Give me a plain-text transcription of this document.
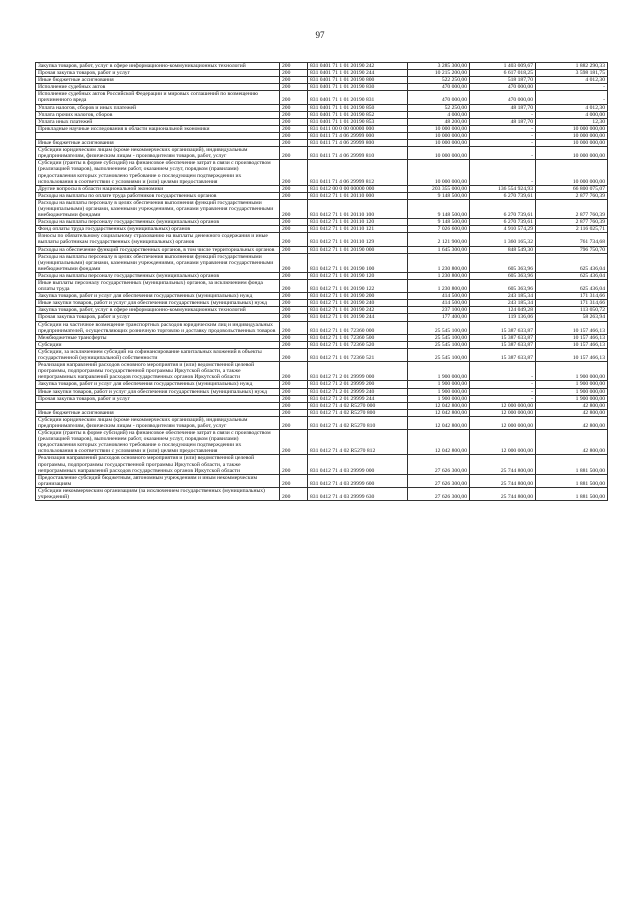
97
Закупка товаров, работ, услуг в сфере информационно-коммуникационных технологий	200	831 0401 71 1 01 20190 242	3 285 300,00	1 403 009,67	1 882 290,33
Прочая закупка товаров, работ и услуг	200	831 0401 71 1 01 20190 244	10 215 200,00	6 617 018,25	3 598 181,75
Иные бюджетные ассигнования	200	831 0401 71 1 01 20190 800	522 250,00	518 187,70	4 012,30
Исполнение судебных актов	200	831 0401 71 1 01 20190 830	470 000,00	470 000,00	-
Исполнение судебных актов Российской Федерации и мировых соглашений по возмещению причиненного вреда	200	831 0401 71 1 01 20190 831	470 000,00	470 000,00	-
Уплата налогов, сборов и иных платежей	200	831 0401 71 1 01 20190 850	52 250,00	48 187,70	4 012,30
Уплата прочих налогов, сборов	200	831 0401 71 1 01 20190 852	4 000,00	-	4 000,00
Уплата иных платежей	200	831 0401 71 1 01 20190 853	48 200,00	48 187,70	12,30
Прикладные научные исследования в области национальной экономики	200	831 0411 00 0 00 00000 000	10 000 000,00	-	10 000 000,00
	200	831 0411 71 4 06 29999 000	10 000 000,00	-	10 000 000,00
Иные бюджетные ассигнования	200	831 0411 71 4 06 29999 800	10 000 000,00	-	10 000 000,00
Субсидии юридическим лицам (кроме некоммерческих организаций), индивидуальным предпринимателям, физическим лицам - производителям товаров, работ, услуг	200	831 0411 71 4 06 29999 810	10 000 000,00	-	10 000 000,00
Субсидии (гранты в форме субсидий) на финансовое обеспечение затрат в связи с производством (реализацией товаров), выполнением работ, оказанием услуг, порядком (правилами) предоставления которых установлено требование о последующем подтверждении их использования в соответствии с условиями и (или) целями предоставления	200	831 0411 71 4 06 29999 812	10 000 000,00	-	10 000 000,00
Другие вопросы в области национальной экономики	200	831 0412 00 0 00 00000 000	203 355 000,00	136 554 924,93	66 800 075,07
Расходы на выплаты по оплате труда работников государственных органов	200	831 0412 71 1 01 20110 000	9 148 500,00	6 270 739,61	2 877 760,39
Расходы на выплаты персоналу в целях обеспечения выполнения функций государственными (муниципальными) органами, казенными учреждениями, органами управления государственными внебюджетными фондами	200	831 0412 71 1 01 20110 100	9 148 500,00	6 270 739,61	2 877 760,39
Расходы на выплаты персоналу государственных (муниципальных) органов	200	831 0412 71 1 01 20110 120	9 148 500,00	6 270 739,61	2 877 760,39
Фонд оплаты труда государственных (муниципальных) органов	200	831 0412 71 1 01 20110 121	7 026 600,00	4 910 574,29	2 116 025,71
Взносы по обязательному социальному страхованию на выплаты денежного содержания и иные выплаты работникам государственных (муниципальных) органов	200	831 0412 71 1 01 20110 129	2 121 900,00	1 360 165,32	761 734,68
Расходы на обеспечение функций государственных органов, в том числе территориальных органов	200	831 0412 71 1 01 20190 000	1 645 300,00	848 549,30	796 750,70
Расходы на выплаты персоналу в целях обеспечения выполнения функций государственными (муниципальными) органами, казенными учреждениями, органами управления государственными внебюджетными фондами	200	831 0412 71 1 01 20190 100	1 230 800,00	605 363,96	625 436,04
Расходы на выплаты персоналу государственных (муниципальных) органов	200	831 0412 71 1 01 20190 120	1 230 800,00	605 363,96	625 436,04
Иные выплаты персоналу государственных (муниципальных) органов, за исключением фонда оплаты труда	200	831 0412 71 1 01 20190 122	1 230 800,00	605 363,96	625 436,04
Закупка товаров, работ и услуг для обеспечения государственных (муниципальных) нужд	200	831 0412 71 1 01 20190 200	414 500,00	243 185,34	171 314,66
Иные закупки товаров, работ и услуг для обеспечения государственных (муниципальных) нужд	200	831 0412 71 1 01 20190 240	414 500,00	243 185,34	171 314,66
Закупка товаров, работ, услуг в сфере информационно-коммуникационных технологий	200	831 0412 71 1 01 20190 242	237 100,00	124 049,28	113 050,72
Прочая закупка товаров, работ и услуг	200	831 0412 71 1 01 20190 244	177 400,00	119 136,06	58 263,94
Субсидии на частичное возмещение транспортных расходов юридическим лиц и индивидуальных предпринимателей, осуществляющих розничную торговлю и доставку продовольственных товаров	200	831 0412 71 1 01 72360 000	25 545 100,00	15 387 633,87	10 157 466,13
Межбюджетные трансферты	200	831 0412 71 1 01 72360 500	25 545 100,00	15 387 633,87	10 157 466,13
Субсидии	200	831 0412 71 1 01 72360 520	25 545 100,00	15 387 633,87	10 157 466,13
Субсидии, за исключением субсидий на софинансирование капитальных вложений в объекты государственной (муниципальной) собственности	200	831 0412 71 1 01 72360 521	25 545 100,00	15 387 633,87	10 157 466,13
Реализация направлений расходов основного мероприятия и (или) ведомственной целевой программы, подпрограммы государственной программы Иркутской области, а также непрограммных направлений расходов государственных органов Иркутской области	200	831 0412 71 2 01 29999 000	1 900 000,00	-	1 900 000,00
Закупка товаров, работ и услуг для обеспечения государственных (муниципальных) нужд	200	831 0412 71 2 01 29999 200	1 900 000,00	-	1 900 000,00
Иные закупки товаров, работ и услуг для обеспечения государственных (муниципальных) нужд	200	831 0412 71 2 01 29999 240	1 900 000,00	-	1 900 000,00
Прочая закупка товаров, работ и услуг	200	831 0412 71 2 01 29999 244	1 900 000,00	-	1 900 000,00
	200	831 0412 71 4 02 R5270 000	12 042 800,00	12 000 000,00	42 800,00
Иные бюджетные ассигнования	200	831 0412 71 4 02 R5270 800	12 042 800,00	12 000 000,00	42 800,00
Субсидии юридическим лицам (кроме некоммерческих организаций), индивидуальным предпринимателям, физическим лицам - производителям товаров, работ, услуг	200	831 0412 71 4 02 R5270 810	12 042 800,00	12 000 000,00	42 800,00
Субсидии (гранты в форме субсидий) на финансовое обеспечение затрат в связи с производством (реализацией товаров), выполнением работ, оказанием услуг, порядком (правилами) предоставления которых установлено требование о последующем подтверждении их использования в соответствии с условиями и (или) целями предоставления	200	831 0412 71 4 02 R5270 812	12 042 800,00	12 000 000,00	42 800,00
Реализация направлений расходов основного мероприятия и (или) ведомственной целевой программы, подпрограммы государственной программы Иркутской области, а также непрограммных направлений расходов государственных органов Иркутской области	200	831 0412 71 4 03 29999 000	27 626 300,00	25 744 800,00	1 881 500,00
Предоставление субсидий бюджетным, автономным учреждениям и иным некоммерческим организациям	200	831 0412 71 4 03 29999 600	27 626 300,00	25 744 800,00	1 881 500,00
Субсидии некоммерческим организациям (за исключением государственных (муниципальных) учреждений)	200	831 0412 71 4 03 29999 630	27 626 300,00	25 744 800,00	1 881 500,00
